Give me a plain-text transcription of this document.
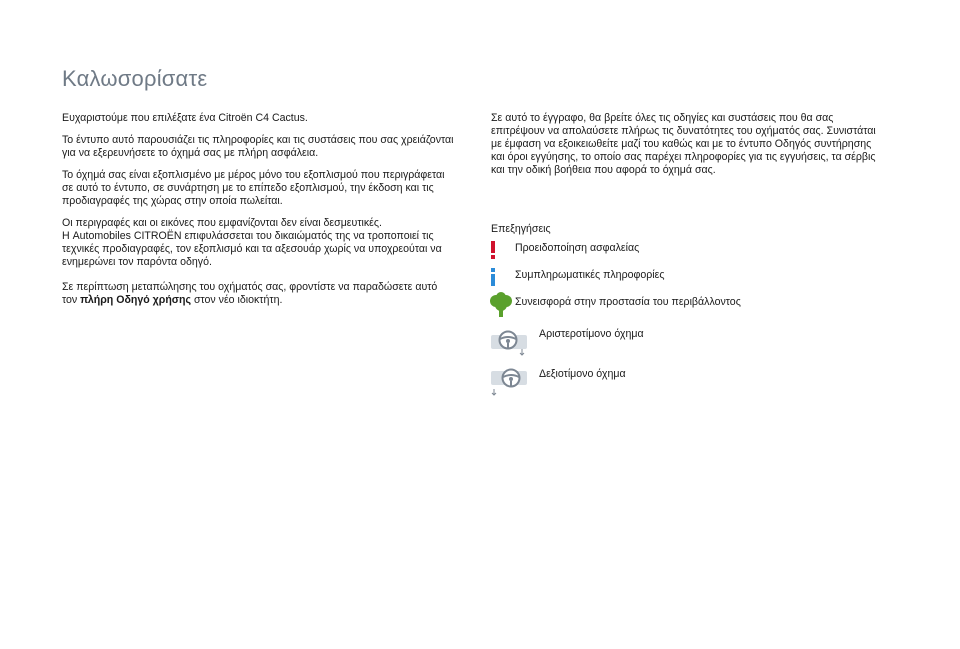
Καλωσορίσατε

Ευχαριστούμε που επιλέξατε ένα Citroën C4 Cactus.

Το έντυπο αυτό παρουσιάζει τις πληροφορίες και τις συστάσεις που σας χρειάζονται
για να εξερευνήσετε το όχημά σας με πλήρη ασφάλεια.

Το όχημά σας είναι εξοπλισμένο με μέρος μόνο του εξοπλισμού που περιγράφεται
σε αυτό το έντυπο, σε συνάρτηση με το επίπεδο εξοπλισμού, την έκδοση και τις
προδιαγραφές της χώρας στην οποία πωλείται.

Οι περιγραφές και οι εικόνες που εμφανίζονται δεν είναι δεσμευτικές.
Η Automobiles CITROËN επιφυλάσσεται του δικαιώματός της να τροποποιεί τις
τεχνικές προδιαγραφές, τον εξοπλισμό και τα αξεσουάρ χωρίς να υποχρεούται να
ενημερώνει τον παρόντα οδηγό.

Σε περίπτωση μεταπώλησης του οχήματός σας, φροντίστε να παραδώσετε αυτό
τον πλήρη Οδηγό χρήσης στον νέο ιδιοκτήτη.

Σε αυτό το έγγραφο, θα βρείτε όλες τις οδηγίες και συστάσεις που θα σας
επιτρέψουν να απολαύσετε πλήρως τις δυνατότητες του οχήματός σας. Συνιστάται
με έμφαση να εξοικειωθείτε μαζί του καθώς και με το έντυπο Οδηγός συντήρησης
και όροι εγγύησης, το οποίο σας παρέχει πληροφορίες για τις εγγυήσεις, τα σέρβις
και την οδική βοήθεια που αφορά το όχημά σας.

Επεξηγήσεις

Προειδοποίηση ασφαλείας
Συμπληρωματικές πληροφορίες
Συνεισφορά στην προστασία του περιβάλλοντος
Αριστεροτίμονο όχημα
Δεξιοτίμονο όχημα
